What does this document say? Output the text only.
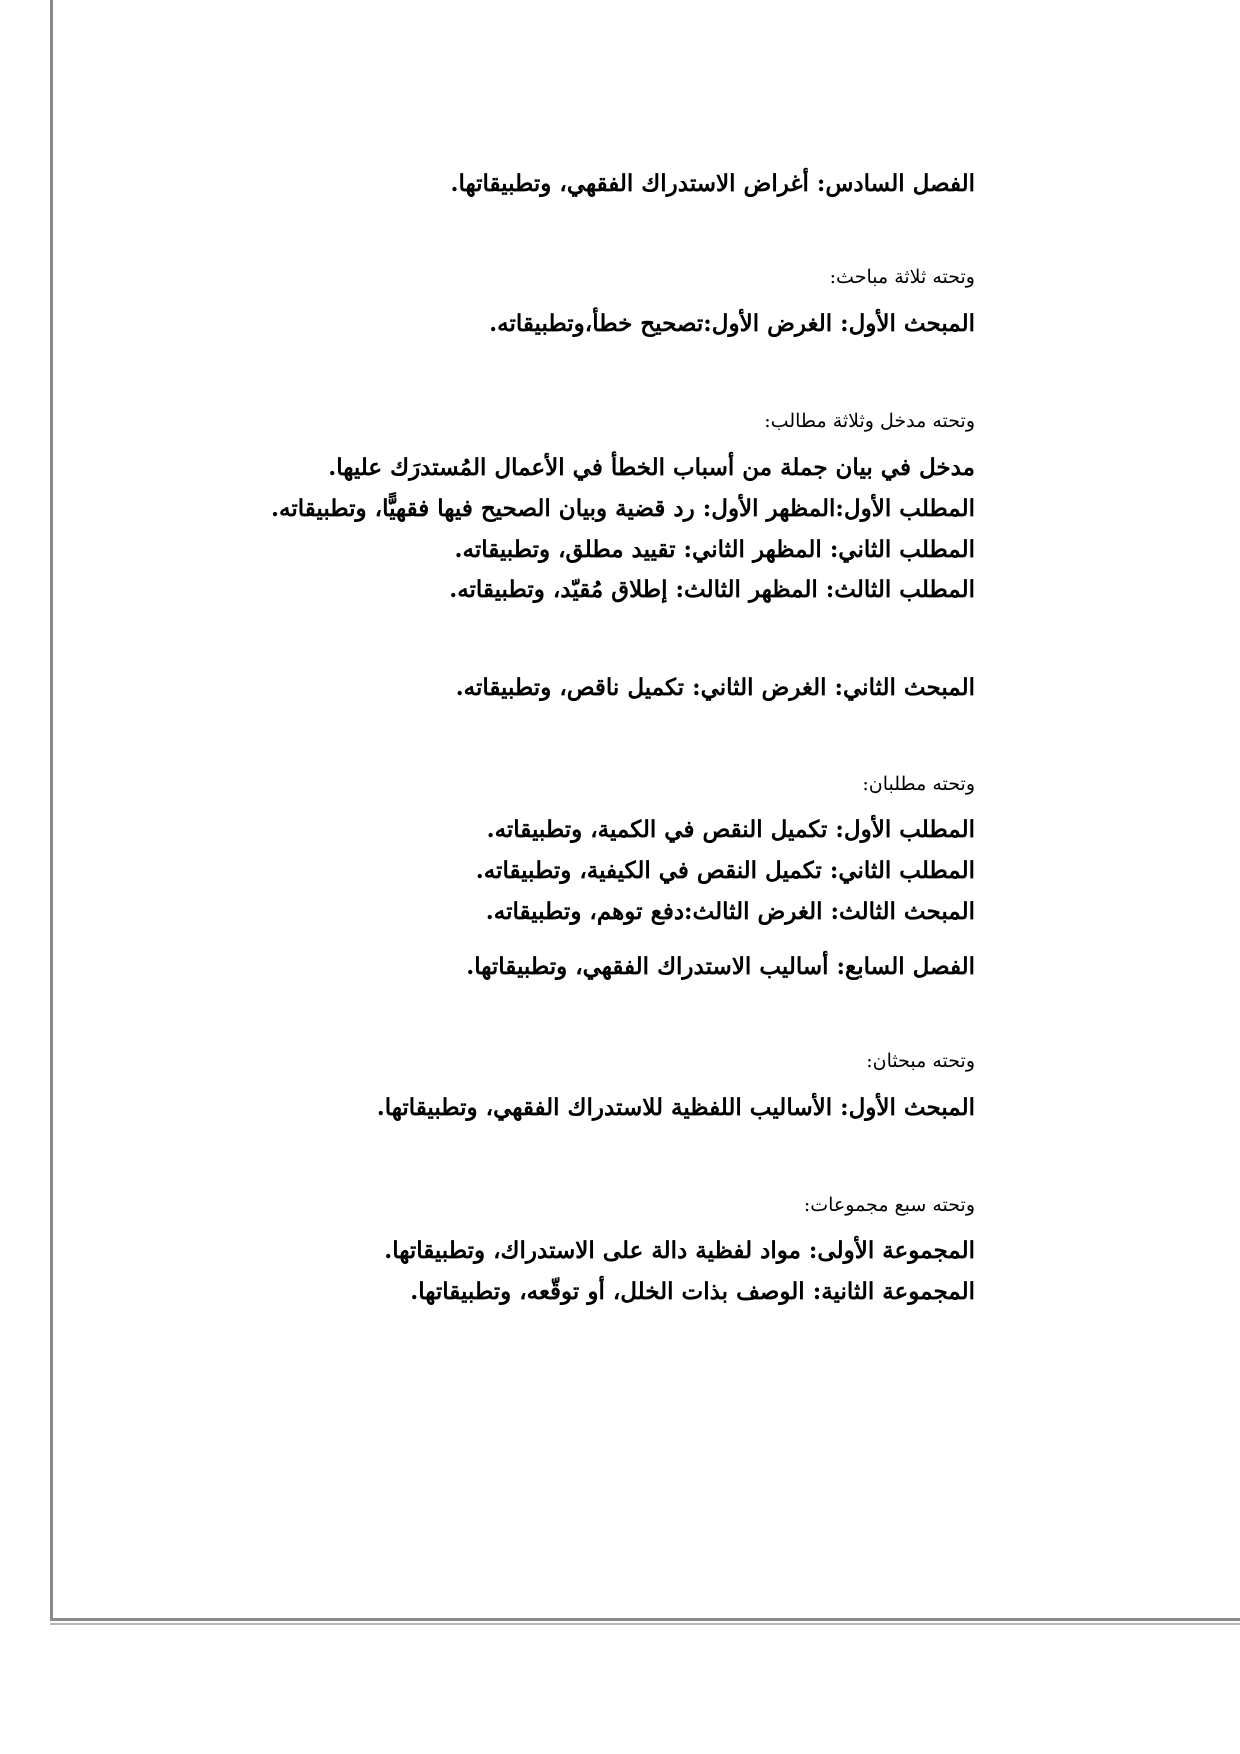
الفصل السادس: أغراض الاستدراك الفقهي، وتطبيقاتها.
وتحته ثلاثة مباحث:
المبحث الأول: الغرض الأول:تصحيح خطأ،وتطبيقاته.
وتحته مدخل وثلاثة مطالب:
مدخل في بيان جملة من أسباب الخطأ في الأعمال المُستدرَك عليها.
المطلب الأول:المظهر الأول: رد قضية وبيان الصحيح فيها فقهيًّا، وتطبيقاته.
المطلب الثاني: المظهر الثاني: تقييد مطلق، وتطبيقاته.
المطلب الثالث: المظهر الثالث: إطلاق مُقيّد، وتطبيقاته.
المبحث الثاني: الغرض الثاني: تكميل ناقص، وتطبيقاته.
وتحته مطلبان:
المطلب الأول: تكميل النقص في الكمية، وتطبيقاته.
المطلب الثاني: تكميل النقص في الكيفية، وتطبيقاته.
المبحث الثالث: الغرض الثالث:دفع توهم، وتطبيقاته.
الفصل السابع: أساليب الاستدراك الفقهي، وتطبيقاتها.
وتحته مبحثان:
المبحث الأول: الأساليب اللفظية للاستدراك الفقهي، وتطبيقاتها.
وتحته سبع مجموعات:
المجموعة الأولى: مواد لفظية دالة على الاستدراك، وتطبيقاتها.
المجموعة الثانية: الوصف بذات الخلل، أو توقّعه، وتطبيقاتها.
